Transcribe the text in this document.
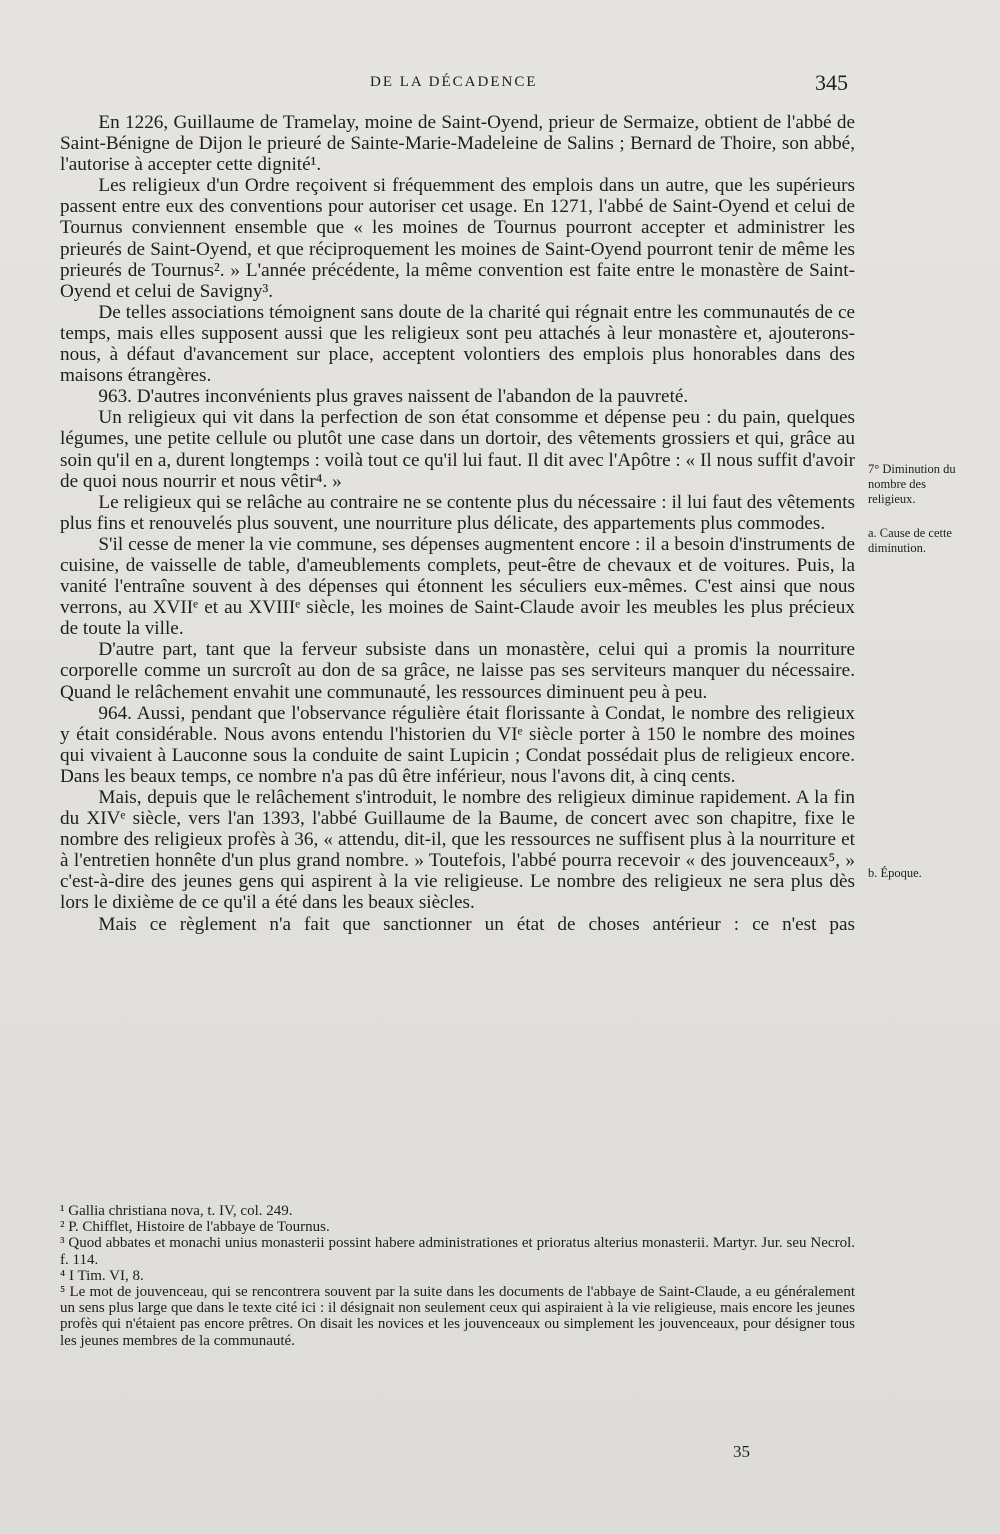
DE LA DÉCADENCE	345

En 1226, Guillaume de Tramelay, moine de Saint-Oyend, prieur de Sermaize, obtient de l'abbé de Saint-Bénigne de Dijon le prieuré de Sainte-Marie-Madeleine de Salins ; Bernard de Thoire, son abbé, l'autorise à accepter cette dignité¹.

Les religieux d'un Ordre reçoivent si fréquemment des emplois dans un autre, que les supérieurs passent entre eux des conventions pour autoriser cet usage. En 1271, l'abbé de Saint-Oyend et celui de Tournus conviennent ensemble que « les moines de Tournus pourront accepter et administrer les prieurés de Saint-Oyend, et que réciproquement les moines de Saint-Oyend pourront tenir de même les prieurés de Tournus². » L'année précédente, la même convention est faite entre le monastère de Saint-Oyend et celui de Savigny³.

De telles associations témoignent sans doute de la charité qui régnait entre les communautés de ce temps, mais elles supposent aussi que les religieux sont peu attachés à leur monastère et, ajouterons-nous, à défaut d'avancement sur place, acceptent volontiers des emplois plus honorables dans des maisons étrangères.

963. D'autres inconvénients plus graves naissent de l'abandon de la pauvreté.

Un religieux qui vit dans la perfection de son état consomme et dépense peu : du pain, quelques légumes, une petite cellule ou plutôt une case dans un dortoir, des vêtements grossiers et qui, grâce au soin qu'il en a, durent longtemps : voilà tout ce qu'il lui faut. Il dit avec l'Apôtre : « Il nous suffit d'avoir de quoi nous nourrir et nous vêtir⁴. »

Le religieux qui se relâche au contraire ne se contente plus du nécessaire : il lui faut des vêtements plus fins et renouvelés plus souvent, une nourriture plus délicate, des appartements plus commodes.

S'il cesse de mener la vie commune, ses dépenses augmentent encore : il a besoin d'instruments de cuisine, de vaisselle de table, d'ameublements complets, peut-être de chevaux et de voitures. Puis, la vanité l'entraîne souvent à des dépenses qui étonnent les séculiers eux-mêmes. C'est ainsi que nous verrons, au XVIIᵉ et au XVIIIᵉ siècle, les moines de Saint-Claude avoir les meubles les plus précieux de toute la ville.

D'autre part, tant que la ferveur subsiste dans un monastère, celui qui a promis la nourriture corporelle comme un surcroît au don de sa grâce, ne laisse pas ses serviteurs manquer du nécessaire. Quand le relâchement envahit une communauté, les ressources diminuent peu à peu.

964. Aussi, pendant que l'observance régulière était florissante à Condat, le nombre des religieux y était considérable. Nous avons entendu l'historien du VIᵉ siècle porter à 150 le nombre des moines qui vivaient à Lauconne sous la conduite de saint Lupicin ; Condat possédait plus de religieux encore. Dans les beaux temps, ce nombre n'a pas dû être inférieur, nous l'avons dit, à cinq cents.

Mais, depuis que le relâchement s'introduit, le nombre des religieux diminue rapidement. A la fin du XIVᵉ siècle, vers l'an 1393, l'abbé Guillaume de la Baume, de concert avec son chapitre, fixe le nombre des religieux profès à 36, « attendu, dit-il, que les ressources ne suffisent plus à la nourriture et à l'entretien honnête d'un plus grand nombre. » Toutefois, l'abbé pourra recevoir « des jouvenceaux⁵, » c'est-à-dire des jeunes gens qui aspirent à la vie religieuse. Le nombre des religieux ne sera plus dès lors le dixième de ce qu'il a été dans les beaux siècles.

Mais ce règlement n'a fait que sanctionner un état de choses antérieur : ce n'est pas

7° Diminution du nombre des religieux.
a. Cause de cette diminution.
b. Époque.

¹ Gallia christiana nova, t. IV, col. 249.

² P. Chifflet, Histoire de l'abbaye de Tournus.

³ Quod abbates et monachi unius monasterii possint habere administrationes et prioratus alterius monasterii. Martyr. Jur. seu Necrol. f. 114.

⁴ I Tim. VI, 8.

⁵ Le mot de jouvenceau, qui se rencontrera souvent par la suite dans les documents de l'abbaye de Saint-Claude, a eu généralement un sens plus large que dans le texte cité ici : il désignait non seulement ceux qui aspiraient à la vie religieuse, mais encore les jeunes profès qui n'étaient pas encore prêtres. On disait les novices et les jouvenceaux ou simplement les jouvenceaux, pour désigner tous les jeunes membres de la communauté.

35
